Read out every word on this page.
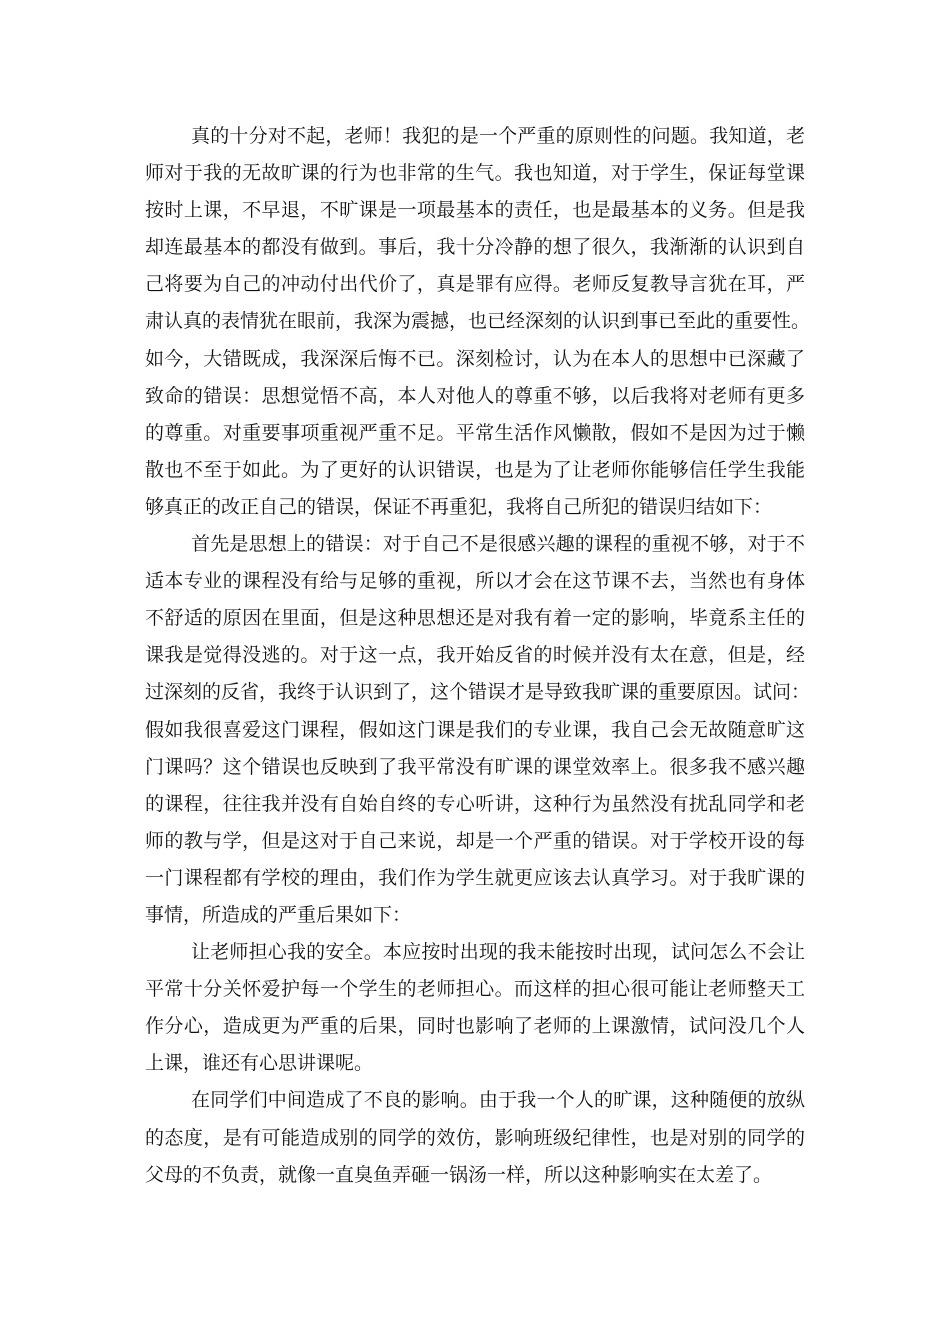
真的十分对不起，老师！我犯的是一个严重的原则性的问题。我知道，老
师对于我的无故旷课的行为也非常的生气。我也知道，对于学生，保证每堂课
按时上课，不早退，不旷课是一项最基本的责任，也是最基本的义务。但是我
却连最基本的都没有做到。事后，我十分冷静的想了很久，我渐渐的认识到自
己将要为自己的冲动付出代价了，真是罪有应得。老师反复教导言犹在耳，严
肃认真的表情犹在眼前，我深为震撼，也已经深刻的认识到事已至此的重要性。
如今，大错既成，我深深后悔不已。深刻检讨，认为在本人的思想中已深藏了
致命的错误：思想觉悟不高，本人对他人的尊重不够，以后我将对老师有更多
的尊重。对重要事项重视严重不足。平常生活作风懒散，假如不是因为过于懒
散也不至于如此。为了更好的认识错误，也是为了让老师你能够信任学生我能
够真正的改正自己的错误，保证不再重犯，我将自己所犯的错误归结如下：
首先是思想上的错误：对于自己不是很感兴趣的课程的重视不够，对于不
适本专业的课程没有给与足够的重视，所以才会在这节课不去，当然也有身体
不舒适的原因在里面，但是这种思想还是对我有着一定的影响，毕竟系主任的
课我是觉得没逃的。对于这一点，我开始反省的时候并没有太在意，但是，经
过深刻的反省，我终于认识到了，这个错误才是导致我旷课的重要原因。试问：
假如我很喜爱这门课程，假如这门课是我们的专业课，我自己会无故随意旷这
门课吗？这个错误也反映到了我平常没有旷课的课堂效率上。很多我不感兴趣
的课程，往往我并没有自始自终的专心听讲，这种行为虽然没有扰乱同学和老
师的教与学，但是这对于自己来说，却是一个严重的错误。对于学校开设的每
一门课程都有学校的理由，我们作为学生就更应该去认真学习。对于我旷课的
事情，所造成的严重后果如下：
让老师担心我的安全。本应按时出现的我未能按时出现，试问怎么不会让
平常十分关怀爱护每一个学生的老师担心。而这样的担心很可能让老师整天工
作分心，造成更为严重的后果，同时也影响了老师的上课激情，试问没几个人
上课，谁还有心思讲课呢。
在同学们中间造成了不良的影响。由于我一个人的旷课，这种随便的放纵
的态度，是有可能造成别的同学的效仿，影响班级纪律性，也是对别的同学的
父母的不负责，就像一直臭鱼弄砸一锅汤一样，所以这种影响实在太差了。
